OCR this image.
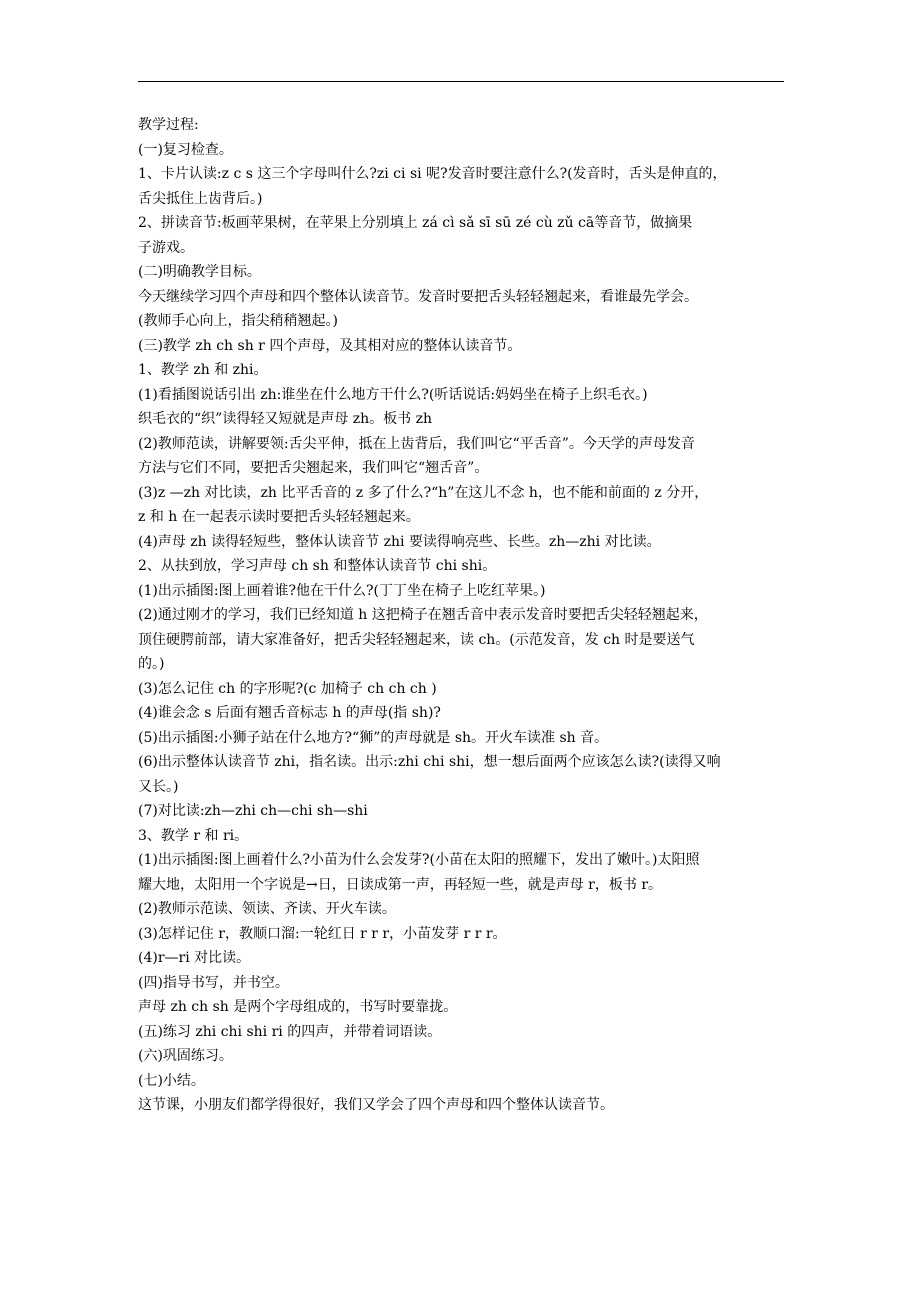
教学过程:
(一)复习检查。
1、卡片认读:z c s 这三个字母叫什么?zi ci si 呢?发音时要注意什么?(发音时，舌头是伸直的，
舌尖抵住上齿背后。)
2、拼读音节:板画苹果树，在苹果上分别填上 zá cì sǎ sī sū zé cù zǔ cā等音节，做摘果
子游戏。
(二)明确教学目标。
今天继续学习四个声母和四个整体认读音节。发音时要把舌头轻轻翘起来，看谁最先学会。
(教师手心向上，指尖稍稍翘起。)
(三)教学 zh ch sh r 四个声母，及其相对应的整体认读音节。
1、教学 zh 和 zhi。
(1)看插图说话引出 zh:谁坐在什么地方干什么?(听话说话:妈妈坐在椅子上织毛衣。)
织毛衣的“织”读得轻又短就是声母 zh。板书 zh
(2)教师范读，讲解要领:舌尖平伸，抵在上齿背后，我们叫它“平舌音”。今天学的声母发音
方法与它们不同，要把舌尖翘起来，我们叫它“翘舌音”。
(3)z —zh 对比读，zh 比平舌音的 z 多了什么?“h”在这儿不念 h，也不能和前面的 z 分开，
z 和 h 在一起表示读时要把舌头轻轻翘起来。
(4)声母 zh 读得轻短些，整体认读音节 zhi 要读得响亮些、长些。zh—zhi 对比读。
2、从扶到放，学习声母 ch sh 和整体认读音节 chi shi。
(1)出示插图:图上画着谁?他在干什么?(丁丁坐在椅子上吃红苹果。)
(2)通过刚才的学习，我们已经知道 h 这把椅子在翘舌音中表示发音时要把舌尖轻轻翘起来，
顶住硬腭前部，请大家准备好，把舌尖轻轻翘起来，读 ch。(示范发音，发 ch 时是要送气
的。)
(3)怎么记住 ch 的字形呢?(c 加椅子 ch ch ch )
(4)谁会念 s 后面有翘舌音标志 h 的声母(指 sh)?
(5)出示插图:小狮子站在什么地方?“狮”的声母就是 sh。开火车读准 sh 音。
(6)出示整体认读音节 zhi，指名读。出示:zhi chi shi，想一想后面两个应该怎么读?(读得又响
又长。)
(7)对比读:zh—zhi ch—chi sh—shi
3、教学 r 和 ri。
(1)出示插图:图上画着什么?小苗为什么会发芽?(小苗在太阳的照耀下，发出了嫩叶。)太阳照
耀大地，太阳用一个字说是→日，日读成第一声，再轻短一些，就是声母 r，板书 r。
(2)教师示范读、领读、齐读、开火车读。
(3)怎样记住 r，教顺口溜:一轮红日 r r r，小苗发芽 r r r。
(4)r—ri 对比读。
(四)指导书写，并书空。
声母 zh ch sh 是两个字母组成的，书写时要靠拢。
(五)练习 zhi chi shi ri 的四声，并带着词语读。
(六)巩固练习。
(七)小结。
这节课，小朋友们都学得很好，我们又学会了四个声母和四个整体认读音节。
